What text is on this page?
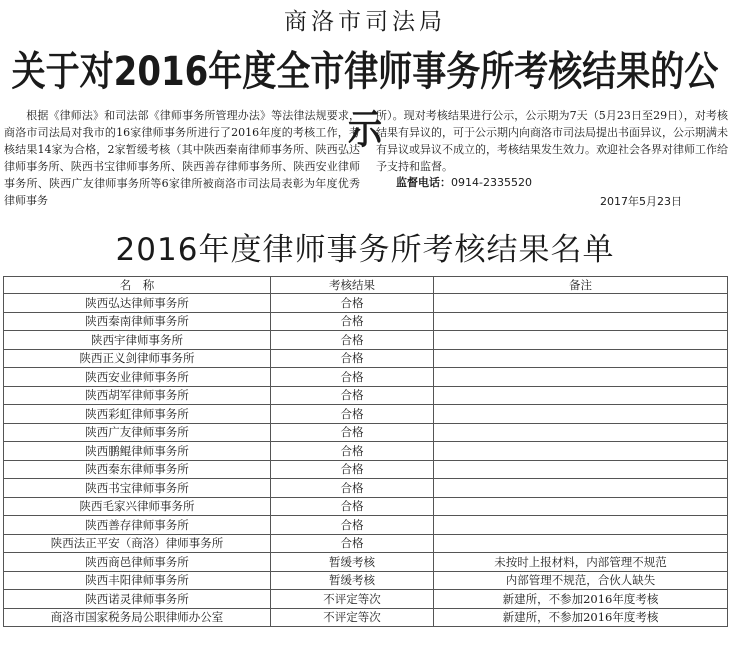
商洛市司法局
关于对2016年度全市律师事务所考核结果的公示
　　根据《律师法》和司法部《律师事务所管理办法》等法律法规要求，商洛市司法局对我市的16家律师事务所进行了2016年度的考核工作，考核结果14家为合格，2家暂缓考核（其中陕西秦南律师事务所、陕西弘达律师事务所、陕西书宝律师事务所、陕西善存律师事务所、陕西安业律师事务所、陕西广友律师事务所等6家律所被商洛市司法局表彰为年度优秀律师事务
所）。现对考核结果进行公示，公示期为7天（5月23日至29日），对考核结果有异议的，可于公示期内向商洛市司法局提出书面异议，公示期满未有异议或异议不成立的，考核结果发生效力。欢迎社会各界对律师工作给予支持和监督。
监督电话：0914-2335520
2017年5月23日
2016年度律师事务所考核结果名单
名　称	考核结果	备注
陕西弘达律师事务所	合格	
陕西秦南律师事务所	合格	
陕西宇律师事务所	合格	
陕西正义剑律师事务所	合格	
陕西安业律师事务所	合格	
陕西胡军律师事务所	合格	
陕西彩虹律师事务所	合格	
陕西广友律师事务所	合格	
陕西鹏鲲律师事务所	合格	
陕西秦东律师事务所	合格	
陕西书宝律师事务所	合格	
陕西毛家兴律师事务所	合格	
陕西善存律师事务所	合格	
陕西法正平安（商洛）律师事务所	合格	
陕西商邑律师事务所	暂缓考核	未按时上报材料，内部管理不规范
陕西丰阳律师事务所	暂缓考核	内部管理不规范，合伙人缺失
陕西诺灵律师事务所	不评定等次	新建所，不参加2016年度考核
商洛市国家税务局公职律师办公室	不评定等次	新建所，不参加2016年度考核
